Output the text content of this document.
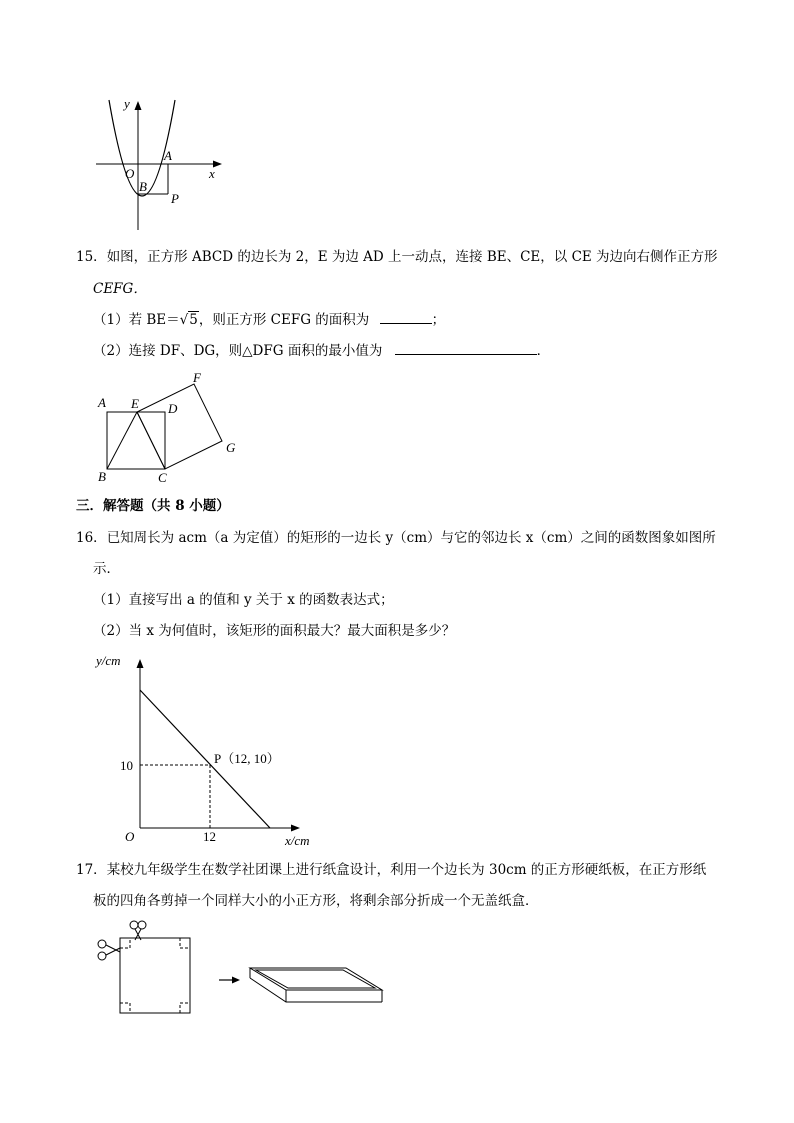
y
x
O
A
B
P
15．如图，正方形 ABCD 的边长为 2，E 为边 AD 上一动点，连接 BE、CE，以 CE 为边向右侧作正方形
CEFG．
（1）若 BE＝√5，则正方形 CEFG 的面积为	；
（2）连接 DF、DG，则△DFG 面积的最小值为	．
A E D
F
G
B	C
三．解答题（共 8 小题）
16．已知周长为 acm（a 为定值）的矩形的一边长 y（cm）与它的邻边长 x（cm）之间的函数图象如图所
示．
（1）直接写出 a 的值和 y 关于 x 的函数表达式；
（2）当 x 为何值时，该矩形的面积最大？最大面积是多少？
y/cm
x/cm
O
10
12
P（12, 10）
17．某校九年级学生在数学社团课上进行纸盒设计，利用一个边长为 30cm 的正方形硬纸板，在正方形纸
板的四角各剪掉一个同样大小的小正方形，将剩余部分折成一个无盖纸盒．
